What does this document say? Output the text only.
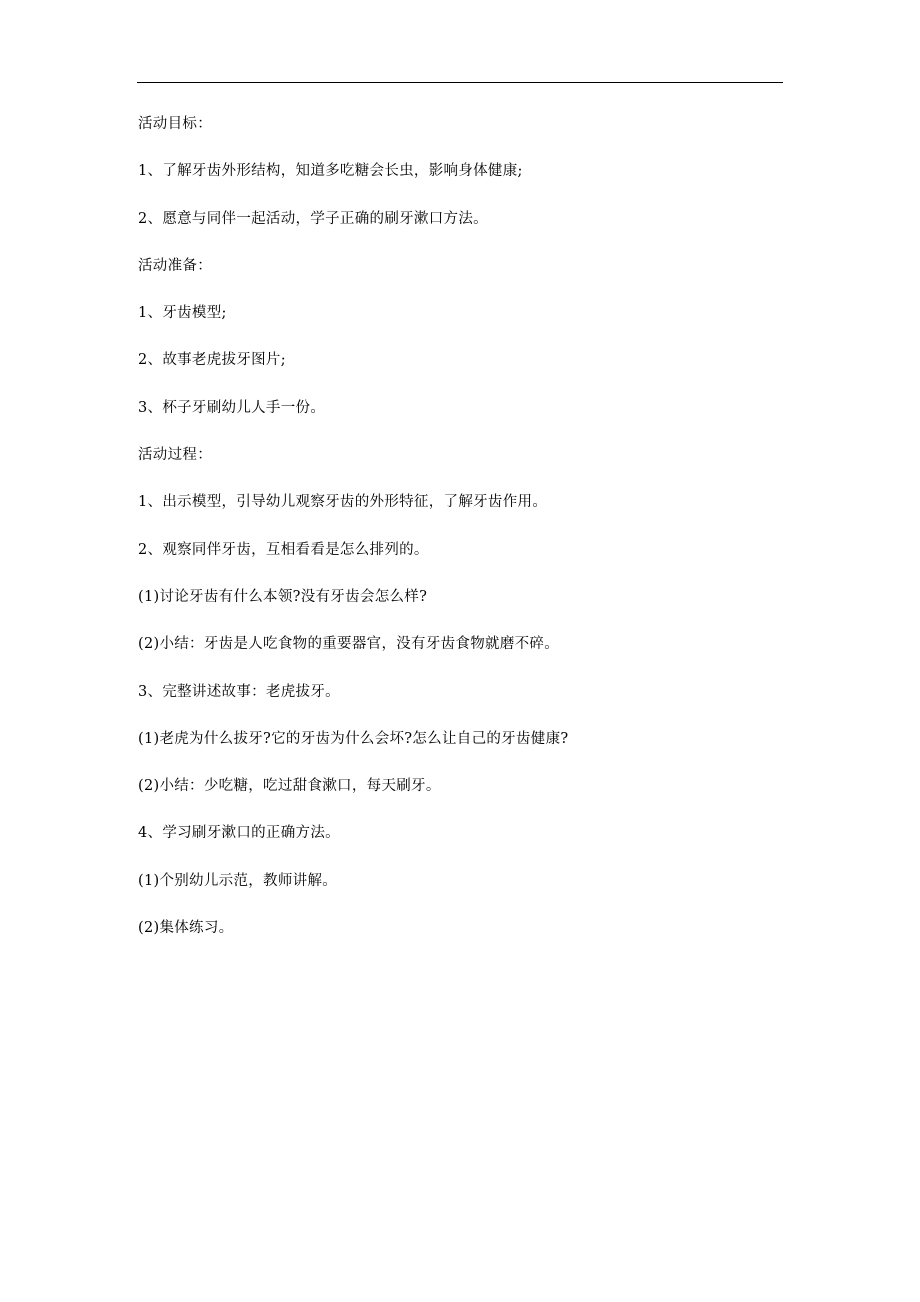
活动目标：
1、了解牙齿外形结构，知道多吃糖会长虫，影响身体健康;
2、愿意与同伴一起活动，学子正确的刷牙漱口方法。
活动准备：
1、牙齿模型;
2、故事老虎拔牙图片;
3、杯子牙刷幼儿人手一份。
活动过程：
1、出示模型，引导幼儿观察牙齿的外形特征，了解牙齿作用。
2、观察同伴牙齿，互相看看是怎么排列的。
(1)讨论牙齿有什么本领?没有牙齿会怎么样?
(2)小结：牙齿是人吃食物的重要器官，没有牙齿食物就磨不碎。
3、完整讲述故事：老虎拔牙。
(1)老虎为什么拔牙?它的牙齿为什么会坏?怎么让自己的牙齿健康?
(2)小结：少吃糖，吃过甜食漱口，每天刷牙。
4、学习刷牙漱口的正确方法。
(1)个别幼儿示范，教师讲解。
(2)集体练习。
